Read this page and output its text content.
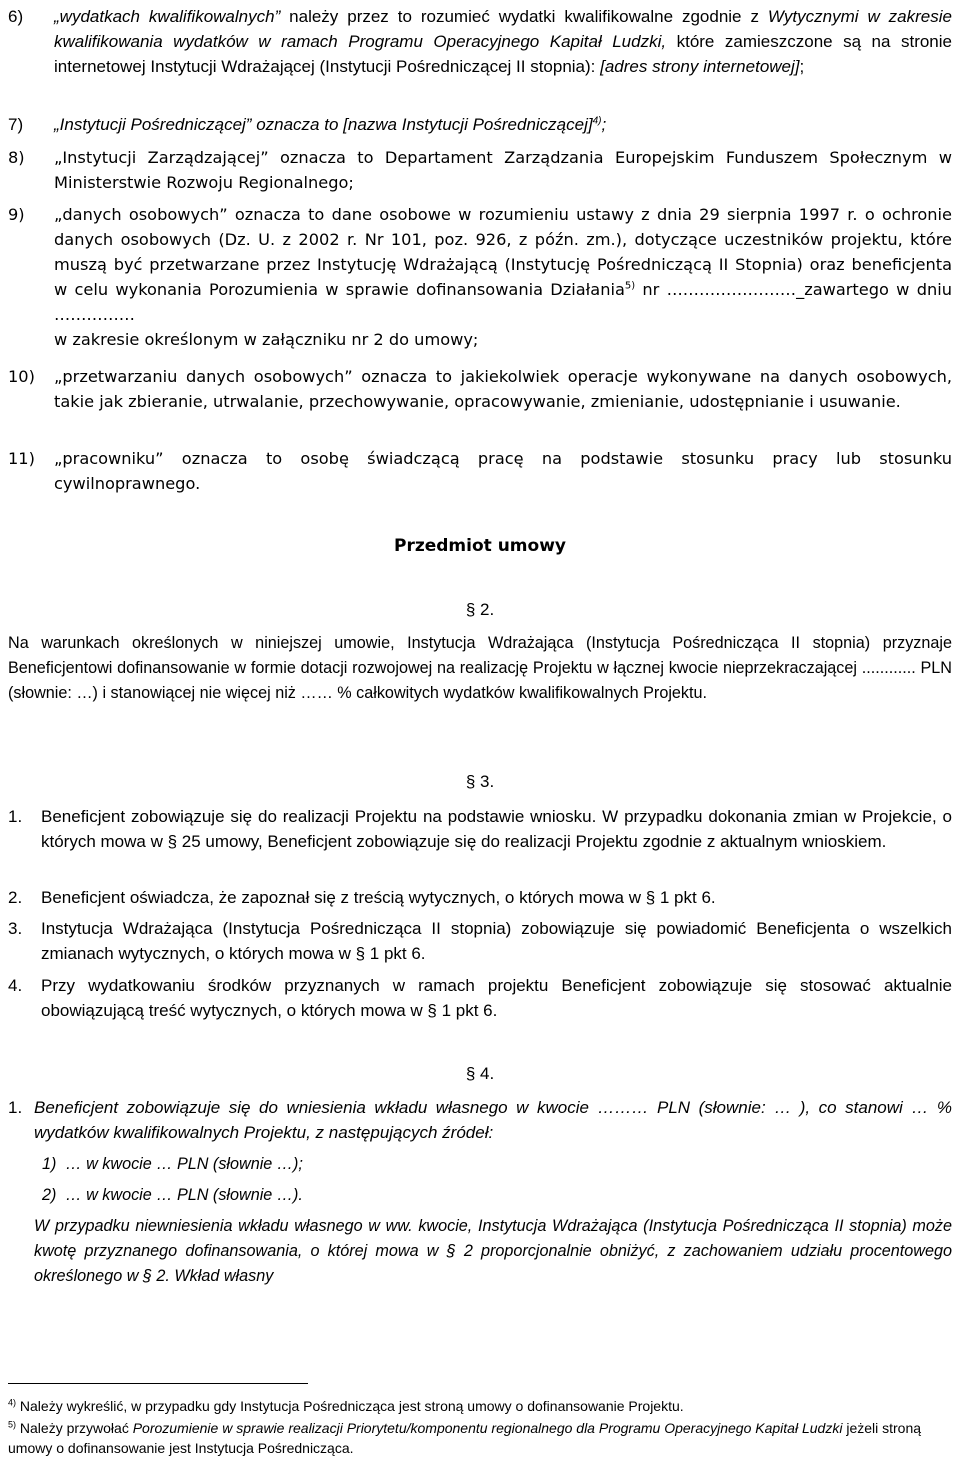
6) „wydatkach kwalifikowalnych” należy przez to rozumieć wydatki kwalifikowalne zgodnie z Wytycznymi w zakresie kwalifikowania wydatków w ramach Programu Operacyjnego Kapitał Ludzki, które zamieszczone są na stronie internetowej Instytucji Wdrażającej (Instytucji Pośredniczącej II stopnia): [adres strony internetowej];
7) „Instytucji Pośredniczącej” oznacza to [nazwa Instytucji Pośredniczącej]$^{4)}$;
8) „Instytucji Zarządzającej” oznacza to Departament Zarządzania Europejskim Funduszem Społecznym w Ministerstwie Rozwoju Regionalnego;
9) „danych osobowych” oznacza to dane osobowe w rozumieniu ustawy z dnia 29 sierpnia 1997 r. o ochronie danych osobowych (Dz. U. z 2002 r. Nr 101, poz. 926, z późn. zm.), dotyczące uczestników projektu, które muszą być przetwarzane przez Instytucję Wdrażającą (Instytucję Pośredniczącą II Stopnia) oraz beneficjenta w celu wykonania Porozumienia w sprawie dofinansowania Działania$^{5)}$ nr ……………………_zawartego w dniu ……………
w zakresie określonym w załączniku nr 2 do umowy;
10) „przetwarzaniu danych osobowych” oznacza to jakiekolwiek operacje wykonywane na danych osobowych, takie jak zbieranie, utrwalanie, przechowywanie, opracowywanie, zmienianie, udostępnianie i usuwanie.
11) „pracowniku” oznacza to osobę świadczącą pracę na podstawie stosunku pracy lub stosunku cywilnoprawnego.
Przedmiot umowy
§ 2.
Na warunkach określonych w niniejszej umowie, Instytucja Wdrażająca (Instytucja Pośrednicząca II stopnia) przyznaje Beneficjentowi dofinansowanie w formie dotacji rozwojowej na realizację Projektu w łącznej kwocie nieprzekraczającej ............ PLN (słownie: …) i stanowiącej nie więcej niż …… % całkowitych wydatków kwalifikowalnych Projektu.
§ 3.
1. Beneficjent zobowiązuje się do realizacji Projektu na podstawie wniosku. W przypadku dokonania zmian w Projekcie, o których mowa w § 25 umowy, Beneficjent zobowiązuje się do realizacji Projektu zgodnie z aktualnym wnioskiem.
2. Beneficjent oświadcza, że zapoznał się z treścią wytycznych, o których mowa w § 1 pkt 6.
3. Instytucja Wdrażająca (Instytucja Pośrednicząca II stopnia) zobowiązuje się powiadomić Beneficjenta o wszelkich zmianach wytycznych, o których mowa w § 1 pkt 6.
4. Przy wydatkowaniu środków przyznanych w ramach projektu Beneficjent zobowiązuje się stosować aktualnie obowiązującą treść wytycznych, o których mowa w § 1 pkt 6.
§ 4.
1. Beneficjent zobowiązuje się do wniesienia wkładu własnego w kwocie ……… PLN (słownie: … ), co stanowi … % wydatków kwalifikowalnych Projektu, z następujących źródeł:
1) … w kwocie … PLN (słownie …);
2) … w kwocie … PLN (słownie …).
W przypadku niewniesienia wkładu własnego w ww. kwocie, Instytucja Wdrażająca (Instytucja Pośrednicząca II stopnia) może kwotę przyznanego dofinansowania, o której mowa w § 2 proporcjonalnie obniżyć, z zachowaniem udziału procentowego określonego w § 2. Wkład własny
$^{4)}$ Należy wykreślić, w przypadku gdy Instytucja Pośrednicząca jest stroną umowy o dofinansowanie Projektu.
$^{5)}$ Należy przywołać Porozumienie w sprawie realizacji Priorytetu/komponentu regionalnego dla Programu Operacyjnego Kapitał Ludzki jeżeli stroną umowy o dofinansowanie jest Instytucja Pośrednicząca.
